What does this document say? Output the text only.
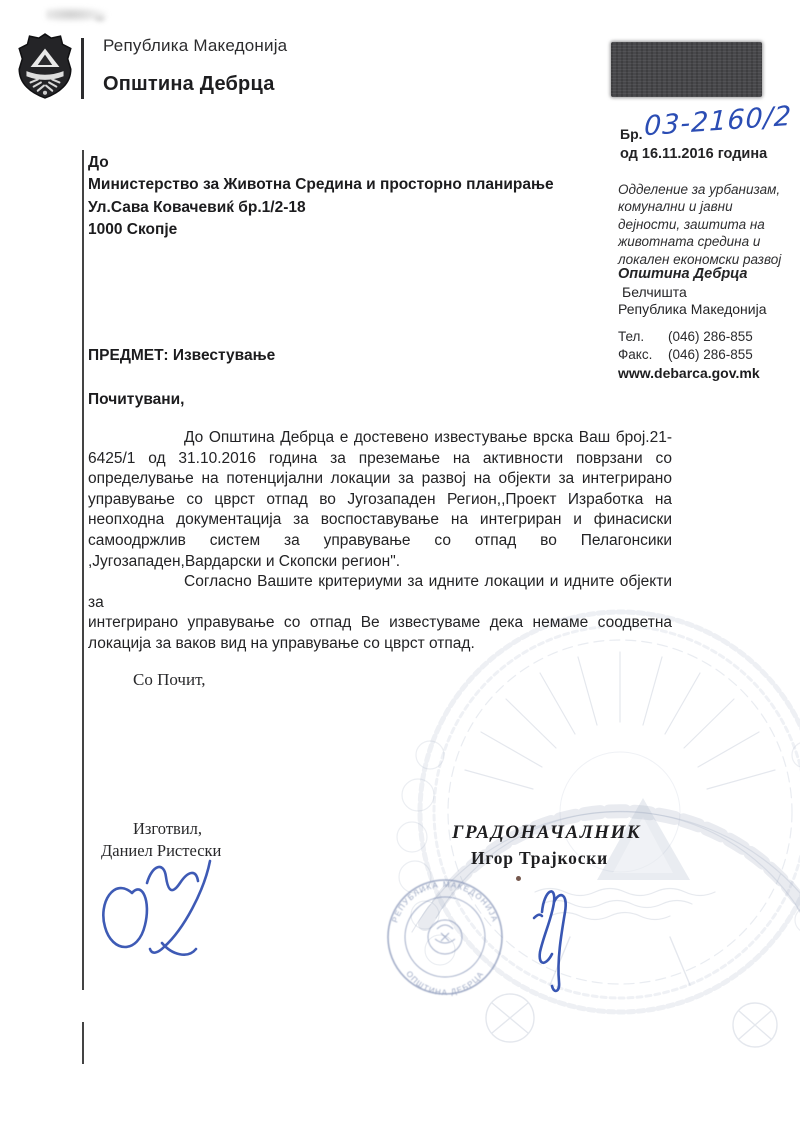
РЕПУБЛИКА МАКЕДОНИЈА
ОПШТИНА ДЕБРЦА
Република Македонија
Општина Дебрца
Бр. 03-2160/2
од 16.11.2016 година
Одделение за урбанизам,
комунални и јавни
дејности, заштита на
животната средина и
локален економски развој
Општина Дебрца
Белчишта
Република Македонија
Тел.	(046) 286-855
Факс.	(046) 286-855
www.debarca.gov.mk
До
Министерство за Животна Средина и просторно планирање
Ул.Сава Ковачевиќ бр.1/2-18
1000 Скопје
ПРЕДМЕТ: Известување
Почитувани,
До Општина Дебрца е достевено известување врска Ваш број.21-
6425/1 од 31.10.2016 година за преземање на активности поврзани со
определување на потенцијални локации за развој на објекти за интегрирано
управување со цврст отпад во Југозападен Регион,,Проект Изработка на
неопходна документација за воспоставување на интегриран и финасиски
самоодржлив систем за управување со отпад во Пелагонсики
,Југозападен,Вардарски и Скопски регион".
Согласно Вашите критериуми за идните локации и идните објекти за
интегрирано управување со отпад Ве известуваме дека немаме соодветна
локација за ваков вид на управување со цврст отпад.
Со Почит,
Изготвил,
Даниел Ристески
ГРАДОНАЧАЛНИК
Игор Трајкоски
